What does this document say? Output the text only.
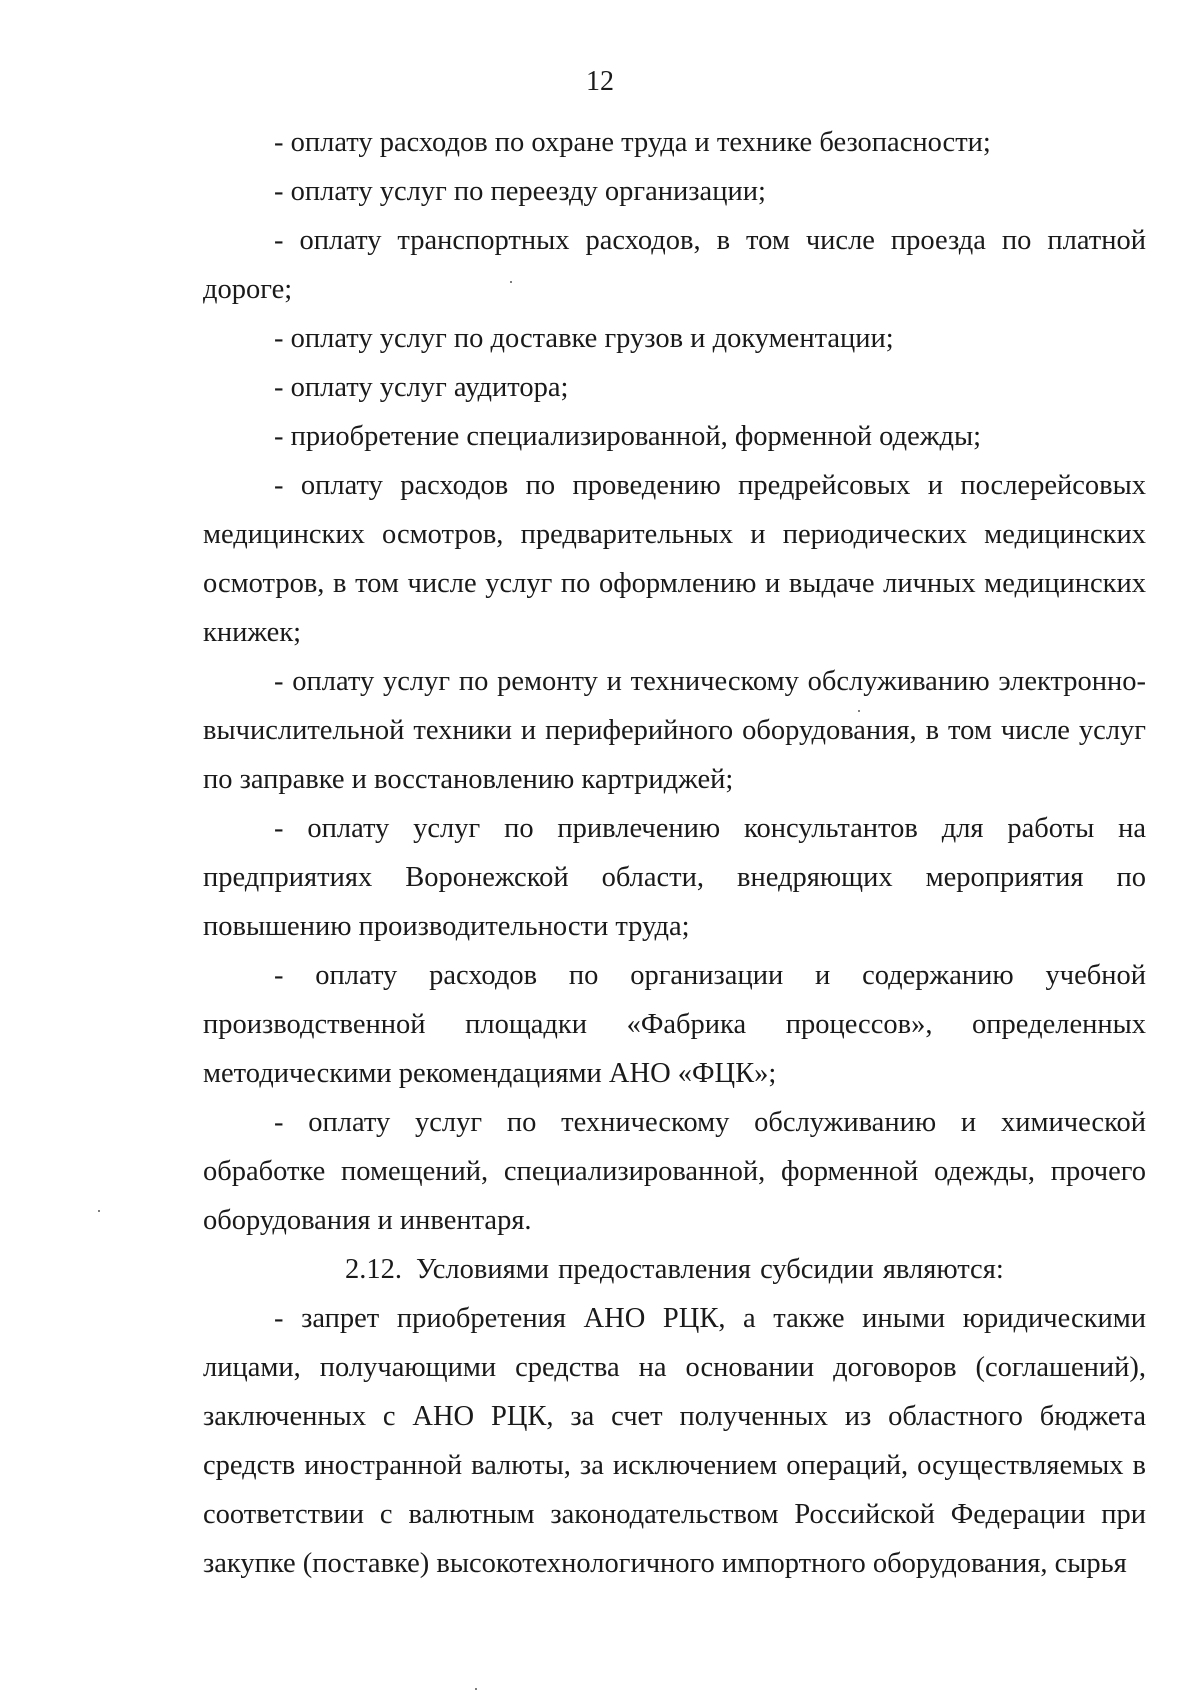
12

- оплату расходов по охране труда и технике безопасности;

- оплату услуг по переезду организации;

- оплату транспортных расходов, в том числе проезда по платной дороге;

- оплату услуг по доставке грузов и документации;

- оплату услуг аудитора;

- приобретение специализированной, форменной одежды;

- оплату расходов по проведению предрейсовых и послерейсовых медицинских осмотров, предварительных и периодических медицинских осмотров, в том числе услуг по оформлению и выдаче личных медицинских книжек;

- оплату услуг по ремонту и техническому обслуживанию электронно-вычислительной техники и периферийного оборудования, в том числе услуг по заправке и восстановлению картриджей;

- оплату услуг по привлечению консультантов для работы на предприятиях Воронежской области, внедряющих мероприятия по повышению производительности труда;

- оплату расходов по организации и содержанию учебной производственной площадки «Фабрика процессов», определенных методическими рекомендациями АНО «ФЦК»;

- оплату услуг по техническому обслуживанию и химической обработке помещений, специализированной, форменной одежды, прочего оборудования и инвентаря.

2.12. Условиями предоставления субсидии являются:

- запрет приобретения АНО РЦК, а также иными юридическими лицами, получающими средства на основании договоров (соглашений), заключенных с АНО РЦК, за счет полученных из областного бюджета средств иностранной валюты, за исключением операций, осуществляемых в соответствии с валютным законодательством Российской Федерации при закупке (поставке) высокотехнологичного импортного оборудования, сырья
